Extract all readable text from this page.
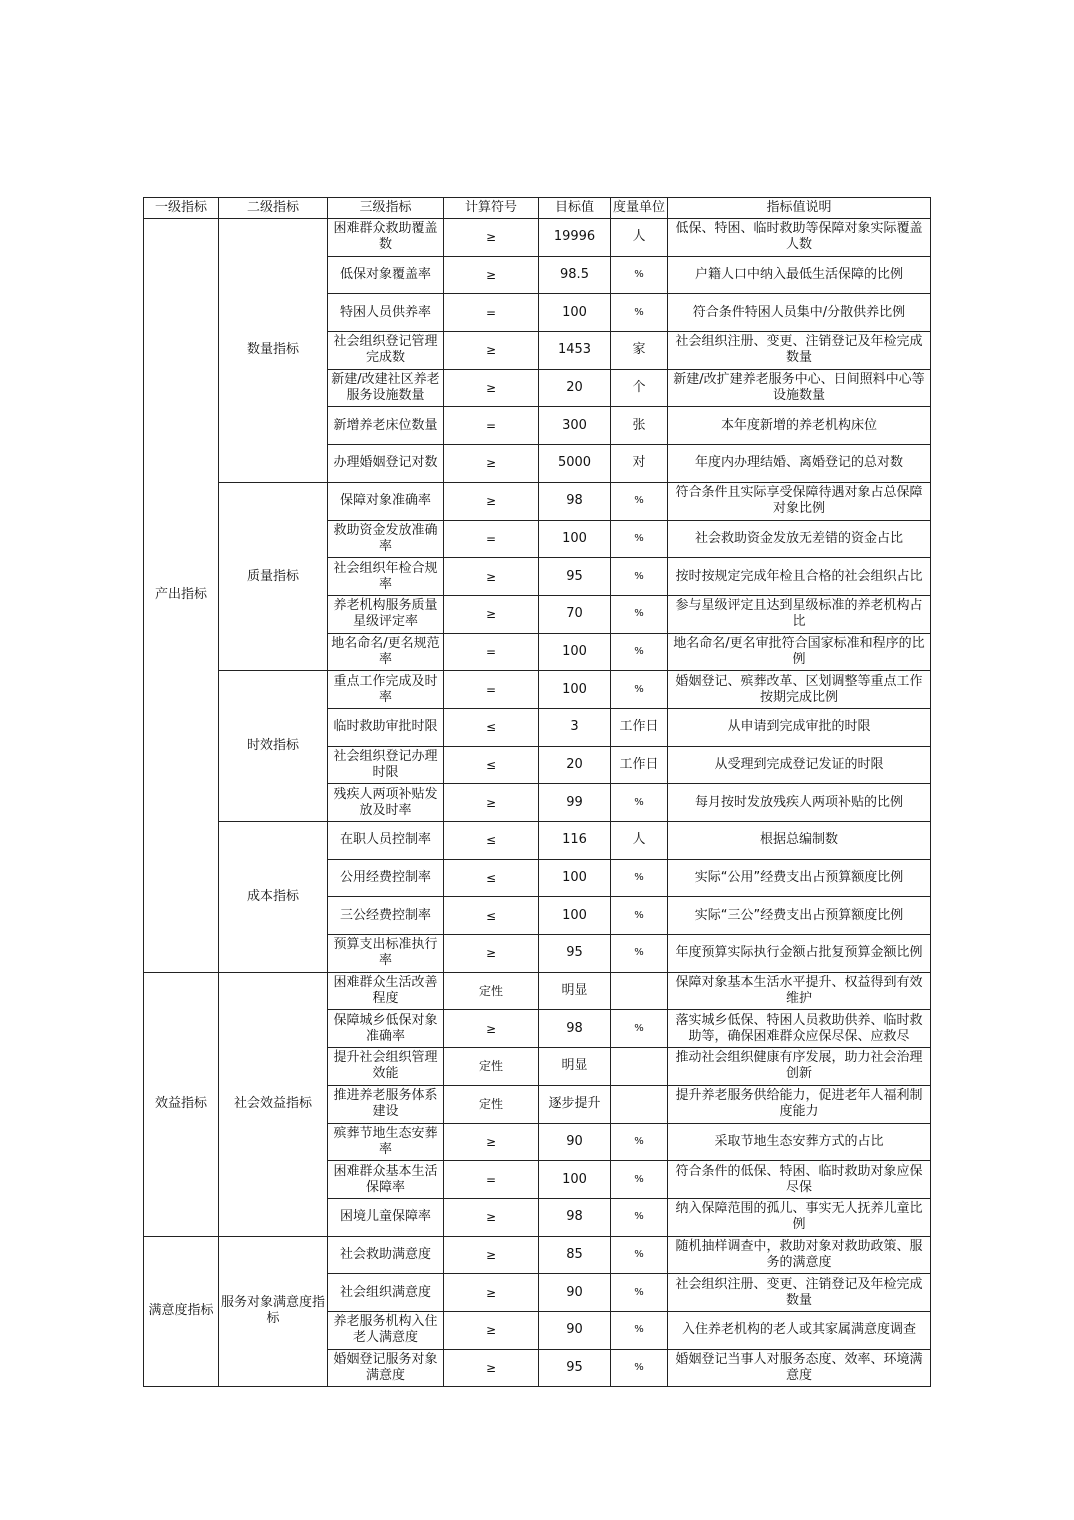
一级指标	二级指标	三级指标	计算符号	目标值	度量单位	指标值说明
产出指标	数量指标	困难群众救助覆盖数	≥	19996	人	低保、特困、临时救助等保障对象实际覆盖人数
		低保对象覆盖率	≥	98.5	%	户籍人口中纳入最低生活保障的比例
		特困人员供养率	=	100	%	符合条件特困人员集中/分散供养比例
		社会组织登记管理完成数	≥	1453	家	社会组织注册、变更、注销登记及年检完成数量
		新建/改建社区养老服务设施数量	≥	20	个	新建/改扩建养老服务中心、日间照料中心等设施数量
		新增养老床位数量	=	300	张	本年度新增的养老机构床位
		办理婚姻登记对数	≥	5000	对	年度内办理结婚、离婚登记的总对数
	质量指标	保障对象准确率	≥	98	%	符合条件且实际享受保障待遇对象占总保障对象比例
		救助资金发放准确率	=	100	%	社会救助资金发放无差错的资金占比
		社会组织年检合规率	≥	95	%	按时按规定完成年检且合格的社会组织占比
		养老机构服务质量星级评定率	≥	70	%	参与星级评定且达到星级标准的养老机构占比
		地名命名/更名规范率	=	100	%	地名命名/更名审批符合国家标准和程序的比例
	时效指标	重点工作完成及时率	=	100	%	婚姻登记、殡葬改革、区划调整等重点工作按期完成比例
		临时救助审批时限	≤	3	工作日	从申请到完成审批的时限
		社会组织登记办理时限	≤	20	工作日	从受理到完成登记发证的时限
		残疾人两项补贴发放及时率	≥	99	%	每月按时发放残疾人两项补贴的比例
	成本指标	在职人员控制率	≤	116	人	根据总编制数
		公用经费控制率	≤	100	%	实际“公用”经费支出占预算额度比例
		三公经费控制率	≤	100	%	实际“三公”经费支出占预算额度比例
		预算支出标准执行率	≥	95	%	年度预算实际执行金额占批复预算金额比例
效益指标	社会效益指标	困难群众生活改善程度	定性	明显		保障对象基本生活水平提升、权益得到有效维护
		保障城乡低保对象准确率	≥	98	%	落实城乡低保、特困人员救助供养、临时救助等，确保困难群众应保尽保、应救尽
		提升社会组织管理效能	定性	明显		推动社会组织健康有序发展，助力社会治理创新
		推进养老服务体系建设	定性	逐步提升		提升养老服务供给能力，促进老年人福利制度能力
		殡葬节地生态安葬率	≥	90	%	采取节地生态安葬方式的占比
		困难群众基本生活保障率	=	100	%	符合条件的低保、特困、临时救助对象应保尽保
		困境儿童保障率	≥	98	%	纳入保障范围的孤儿、事实无人抚养儿童比例
满意度指标	服务对象满意度指标	社会救助满意度	≥	85	%	随机抽样调查中，救助对象对救助政策、服务的满意度
		社会组织满意度	≥	90	%	社会组织注册、变更、注销登记及年检完成数量
		养老服务机构入住老人满意度	≥	90	%	入住养老机构的老人或其家属满意度调查
		婚姻登记服务对象满意度	≥	95	%	婚姻登记当事人对服务态度、效率、环境满意度
